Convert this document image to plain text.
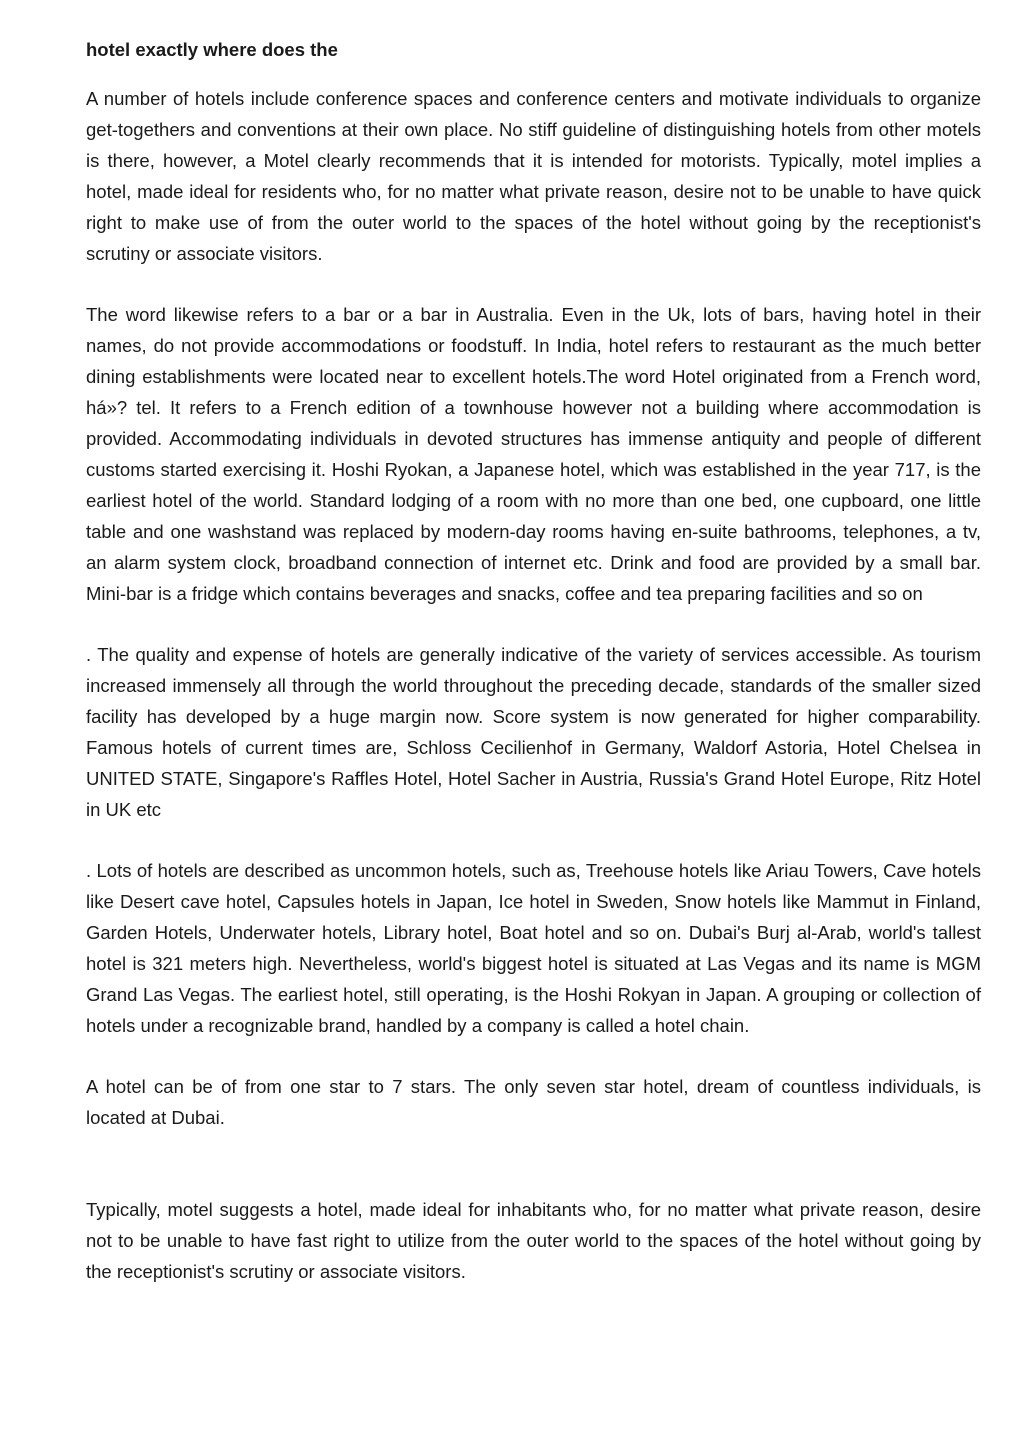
hotel exactly where does the

A number of hotels include conference spaces and conference centers and motivate individuals to organize get-togethers and conventions at their own place. No stiff guideline of distinguishing hotels from other motels is there, however, a Motel clearly recommends that it is intended for motorists. Typically, motel implies a hotel, made ideal for residents who, for no matter what private reason, desire not to be unable to have quick right to make use of from the outer world to the spaces of the hotel without going by the receptionist's scrutiny or associate visitors.

The word likewise refers to a bar or a bar in Australia. Even in the Uk, lots of bars, having hotel in their names, do not provide accommodations or foodstuff. In India, hotel refers to restaurant as the much better dining establishments were located near to excellent hotels.The word Hotel originated from a French word, há»? tel. It refers to a French edition of a townhouse however not a building where accommodation is provided. Accommodating individuals in devoted structures has immense antiquity and people of different customs started exercising it. Hoshi Ryokan, a Japanese hotel, which was established in the year 717, is the earliest hotel of the world. Standard lodging of a room with no more than one bed, one cupboard, one little table and one washstand was replaced by modern-day rooms having en-suite bathrooms, telephones, a tv, an alarm system clock, broadband connection of internet etc. Drink and food are provided by a small bar. Mini-bar is a fridge which contains beverages and snacks, coffee and tea preparing facilities and so on

. The quality and expense of hotels are generally indicative of the variety of services accessible. As tourism increased immensely all through the world throughout the preceding decade, standards of the smaller sized facility has developed by a huge margin now. Score system is now generated for higher comparability. Famous hotels of current times are, Schloss Cecilienhof in Germany, Waldorf Astoria, Hotel Chelsea in UNITED STATE, Singapore's Raffles Hotel, Hotel Sacher in Austria, Russia's Grand Hotel Europe, Ritz Hotel in UK etc

. Lots of hotels are described as uncommon hotels, such as, Treehouse hotels like Ariau Towers, Cave hotels like Desert cave hotel, Capsules hotels in Japan, Ice hotel in Sweden, Snow hotels like Mammut in Finland, Garden Hotels, Underwater hotels, Library hotel, Boat hotel and so on. Dubai's Burj al-Arab, world's tallest hotel is 321 meters high. Nevertheless, world's biggest hotel is situated at Las Vegas and its name is MGM Grand Las Vegas. The earliest hotel, still operating, is the Hoshi Rokyan in Japan. A grouping or collection of hotels under a recognizable brand, handled by a company is called a hotel chain.

A hotel can be of from one star to 7 stars. The only seven star hotel, dream of countless individuals, is located at Dubai.

Typically, motel suggests a hotel, made ideal for inhabitants who, for no matter what private reason, desire not to be unable to have fast right to utilize from the outer world to the spaces of the hotel without going by the receptionist's scrutiny or associate visitors.
